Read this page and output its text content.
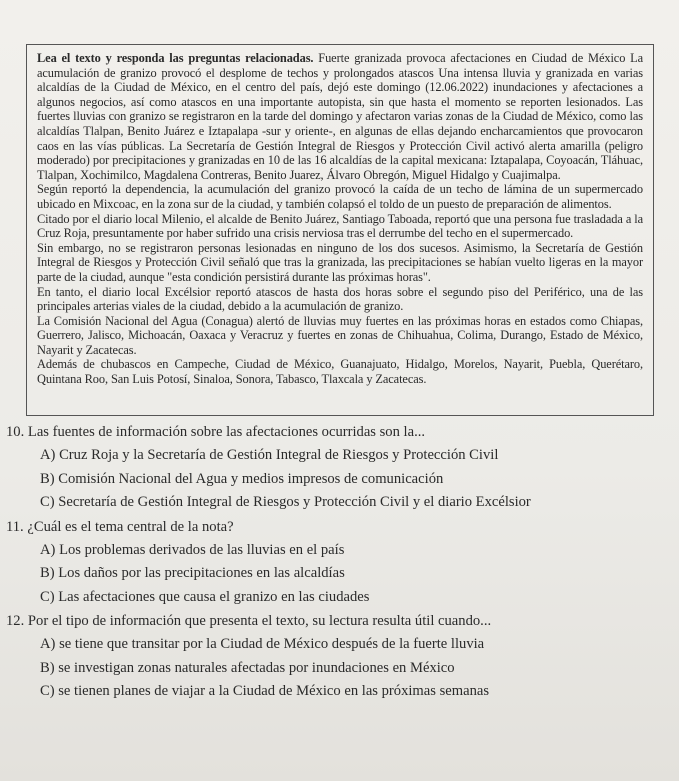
Lea el texto y responda las preguntas relacionadas. Fuerte granizada provoca afectaciones en Ciudad de México La acumulación de granizo provocó el desplome de techos y prolongados atascos Una intensa lluvia y granizada en varias alcaldías de la Ciudad de México, en el centro del país, dejó este domingo (12.06.2022) inundaciones y afectaciones a algunos negocios, así como atascos en una importante autopista, sin que hasta el momento se reporten lesionados. Las fuertes lluvias con granizo se registraron en la tarde del domingo y afectaron varias zonas de la Ciudad de México, como las alcaldías Tlalpan, Benito Juárez e Iztapalapa -sur y oriente-, en algunas de ellas dejando encharcamientos que provocaron caos en las vías públicas. La Secretaría de Gestión Integral de Riesgos y Protección Civil activó alerta amarilla (peligro moderado) por precipitaciones y granizadas en 10 de las 16 alcaldías de la capital mexicana: Iztapalapa, Coyoacán, Tláhuac, Tlalpan, Xochimilco, Magdalena Contreras, Benito Juarez, Álvaro Obregón, Miguel Hidalgo y Cuajimalpa.

Según reportó la dependencia, la acumulación del granizo provocó la caída de un techo de lámina de un supermercado ubicado en Mixcoac, en la zona sur de la ciudad, y también colapsó el toldo de un puesto de preparación de alimentos.

Citado por el diario local Milenio, el alcalde de Benito Juárez, Santiago Taboada, reportó que una persona fue trasladada a la Cruz Roja, presuntamente por haber sufrido una crisis nerviosa tras el derrumbe del techo en el supermercado.

Sin embargo, no se registraron personas lesionadas en ninguno de los dos sucesos. Asimismo, la Secretaría de Gestión Integral de Riesgos y Protección Civil señaló que tras la granizada, las precipitaciones se habían vuelto ligeras en la mayor parte de la ciudad, aunque "esta condición persistirá durante las próximas horas".

En tanto, el diario local Excélsior reportó atascos de hasta dos horas sobre el segundo piso del Periférico, una de las principales arterias viales de la ciudad, debido a la acumulación de granizo.

La Comisión Nacional del Agua (Conagua) alertó de lluvias muy fuertes en las próximas horas en estados como Chiapas, Guerrero, Jalisco, Michoacán, Oaxaca y Veracruz y fuertes en zonas de Chihuahua, Colima, Durango, Estado de México, Nayarit y Zacatecas.

Además de chubascos en Campeche, Ciudad de México, Guanajuato, Hidalgo, Morelos, Nayarit, Puebla, Querétaro, Quintana Roo, San Luis Potosí, Sinaloa, Sonora, Tabasco, Tlaxcala y Zacatecas.

10. Las fuentes de información sobre las afectaciones ocurridas son la...

A) Cruz Roja y la Secretaría de Gestión Integral de Riesgos y Protección Civil

B) Comisión Nacional del Agua y medios impresos de comunicación

C) Secretaría de Gestión Integral de Riesgos y Protección Civil y el diario Excélsior

11. ¿Cuál es el tema central de la nota?

A) Los problemas derivados de las lluvias en el país

B) Los daños por las precipitaciones en las alcaldías

C) Las afectaciones que causa el granizo en las ciudades

12. Por el tipo de información que presenta el texto, su lectura resulta útil cuando...

A) se tiene que transitar por la Ciudad de México después de la fuerte lluvia

B) se investigan zonas naturales afectadas por inundaciones en México

C) se tienen planes de viajar a la Ciudad de México en las próximas semanas
